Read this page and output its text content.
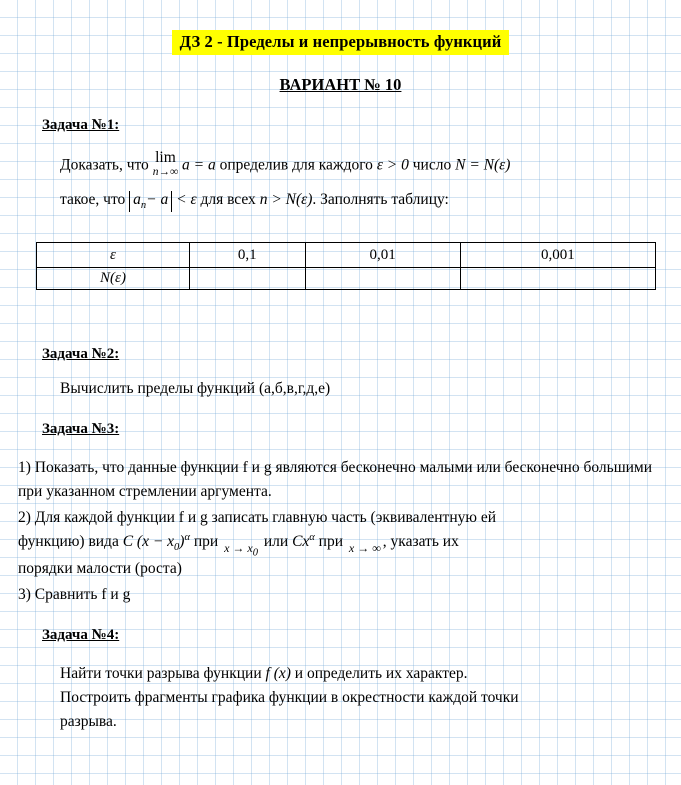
ДЗ 2 - Пределы и непрерывность функций
ВАРИАНТ № 10
Задача №1:
Доказать, что lim
n→∞ a = a определив для каждого ε > 0 число N = N(ε)
такое, что $a_n- a < \varepsilon$ для всех n > N(ε). Заполнять таблицу:
ε	0,1	0,01	0,001
N(ε)			
Задача №2:
Вычислить пределы функций (а,б,в,г,д,е)
Задача №3:
1) Показать, что данные функции f и g являются бесконечно малыми или бесконечно большими при указанном стремлении аргумента.
2) Для каждой функции f и g записать главную часть (эквивалентную ей
функцию) вида C $(x - x_0)^\alpha$ при $x \to x_0$ или $Cx^\alpha$ при x → ∞ , указать их
порядки малости (роста)
3) Сравнить f и g
Задача №4:
Найти точки разрыва функции f (x) и определить их характер.
Построить фрагменты графика функции в окрестности каждой точки
разрыва.
